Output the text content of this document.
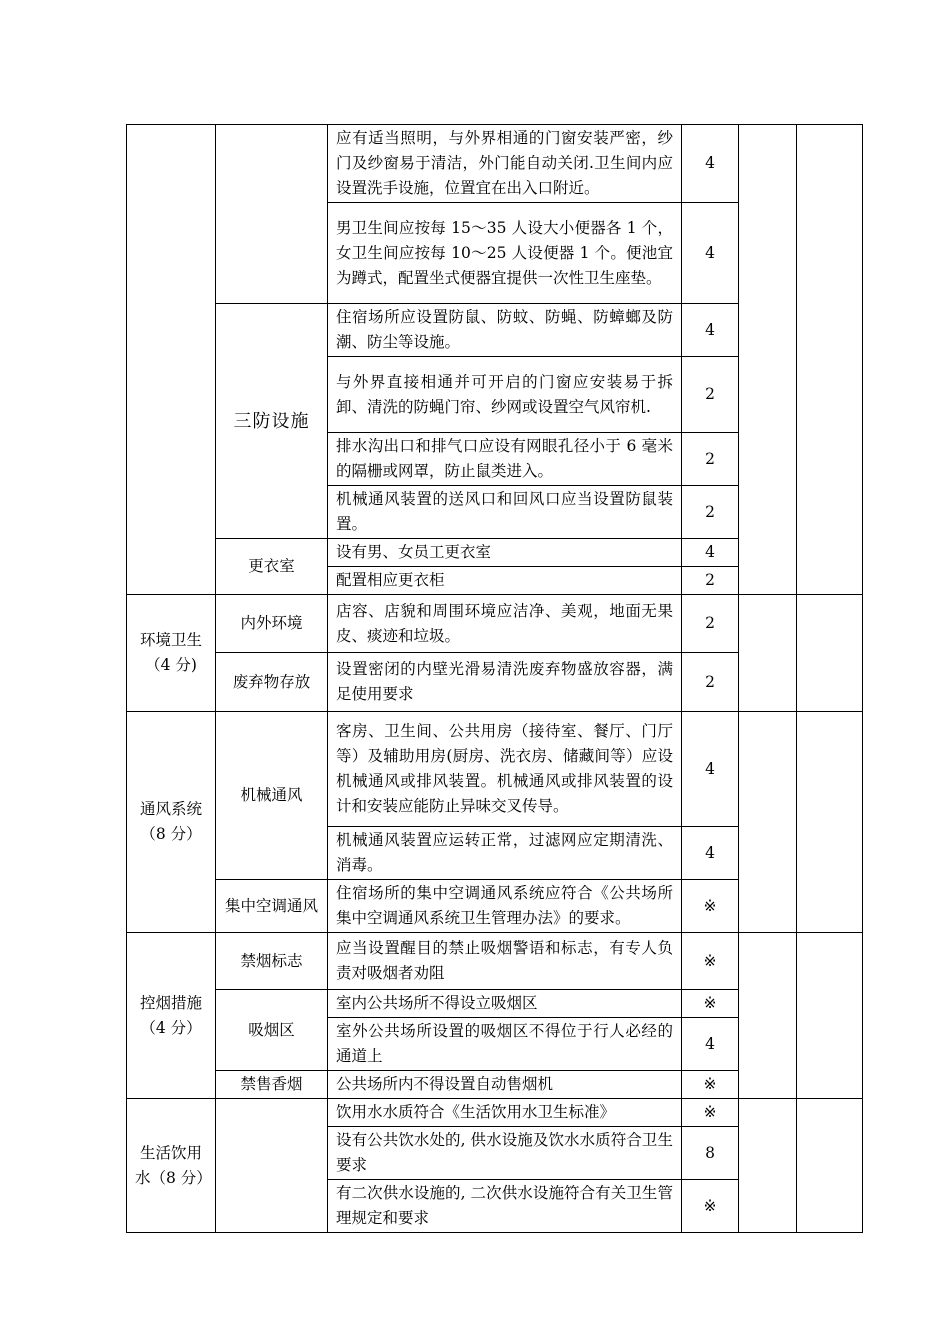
		应有适当照明，与外界相通的门窗安装严密，纱门及纱窗易于清洁，外门能自动关闭.卫生间内应设置洗手设施，位置宜在出入口附近。	4		
		男卫生间应按每 15～35 人设大小便器各 1 个，女卫生间应按每 10～25 人设便器 1 个。便池宜为蹲式，配置坐式便器宜提供一次性卫生座垫。	4		
	三防设施	住宿场所应设置防鼠、防蚊、防蝇、防蟑螂及防潮、防尘等设施。	4		
		与外界直接相通并可开启的门窗应安装易于拆卸、清洗的防蝇门帘、纱网或设置空气风帘机.	2		
		排水沟出口和排气口应设有网眼孔径小于 6 毫米的隔栅或网罩，防止鼠类进入。	2		
		机械通风装置的送风口和回风口应当设置防鼠装置。	2		
	更衣室	设有男、女员工更衣室	4		
		配置相应更衣柜	2		
环境卫生（4 分)	内外环境	店容、店貌和周围环境应洁净、美观，地面无果皮、痰迹和垃圾。	2		
	废弃物存放	设置密闭的内壁光滑易清洗废弃物盛放容器，满足使用要求	2		
通风系统（8 分）	机械通风	客房、卫生间、公共用房（接待室、餐厅、门厅等）及辅助用房(厨房、洗衣房、储藏间等）应设机械通风或排风装置。机械通风或排风装置的设计和安装应能防止异味交叉传导。	4		
		机械通风装置应运转正常，过滤网应定期清洗、消毒。	4		
	集中空调通风	住宿场所的集中空调通风系统应符合《公共场所集中空调通风系统卫生管理办法》的要求。	※		
控烟措施（4 分）	禁烟标志	应当设置醒目的禁止吸烟警语和标志，有专人负责对吸烟者劝阻	※		
	吸烟区	室内公共场所不得设立吸烟区	※		
		室外公共场所设置的吸烟区不得位于行人必经的通道上	4		
	禁售香烟	公共场所内不得设置自动售烟机	※		
生活饮用水（8 分）		饮用水水质符合《生活饮用水卫生标准》	※		
		设有公共饮水处的, 供水设施及饮水水质符合卫生要求	8		
		有二次供水设施的, 二次供水设施符合有关卫生管理规定和要求	※		
